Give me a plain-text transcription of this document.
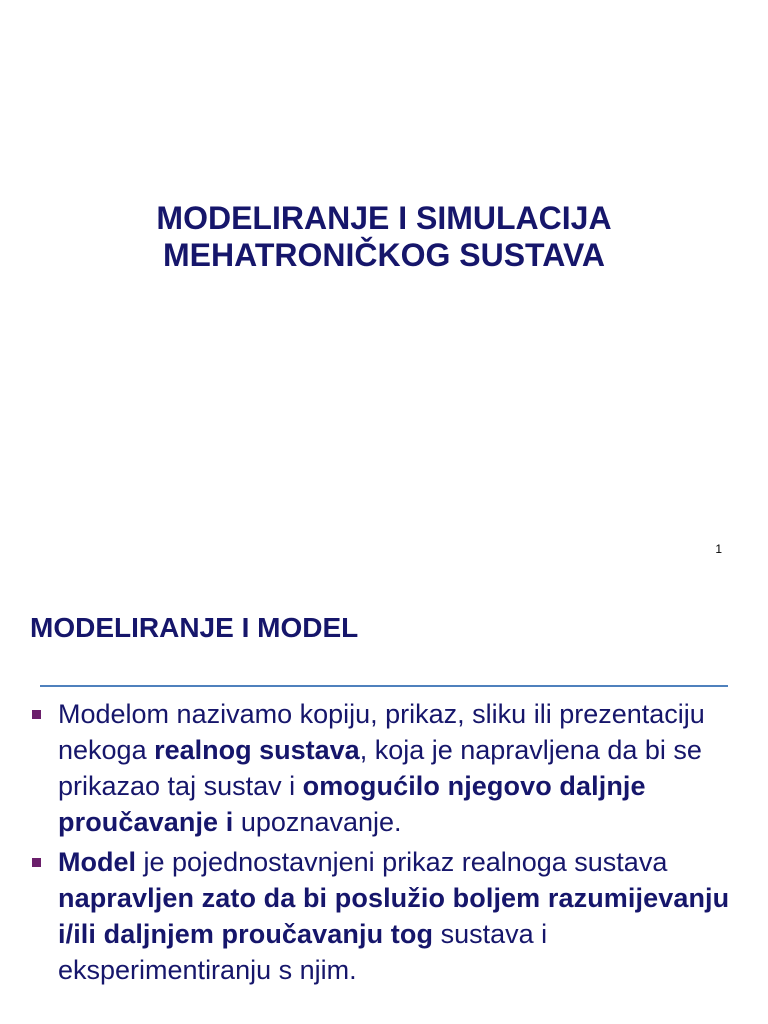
MODELIRANJE I SIMULACIJA
MEHATRONIČKOG SUSTAVA
1
MODELIRANJE I MODEL
Modelom nazivamo kopiju, prikaz, sliku ili prezentaciju nekoga realnog sustava, koja je napravljena da bi se prikazao taj sustav i omogućilo njegovo daljnje proučavanje i upoznavanje.
Model je pojednostavnjeni prikaz realnoga sustava napravljen zato da bi poslužio boljem razumijevanju i/ili daljnjem proučavanju tog sustava i eksperimentiranju s njim.
